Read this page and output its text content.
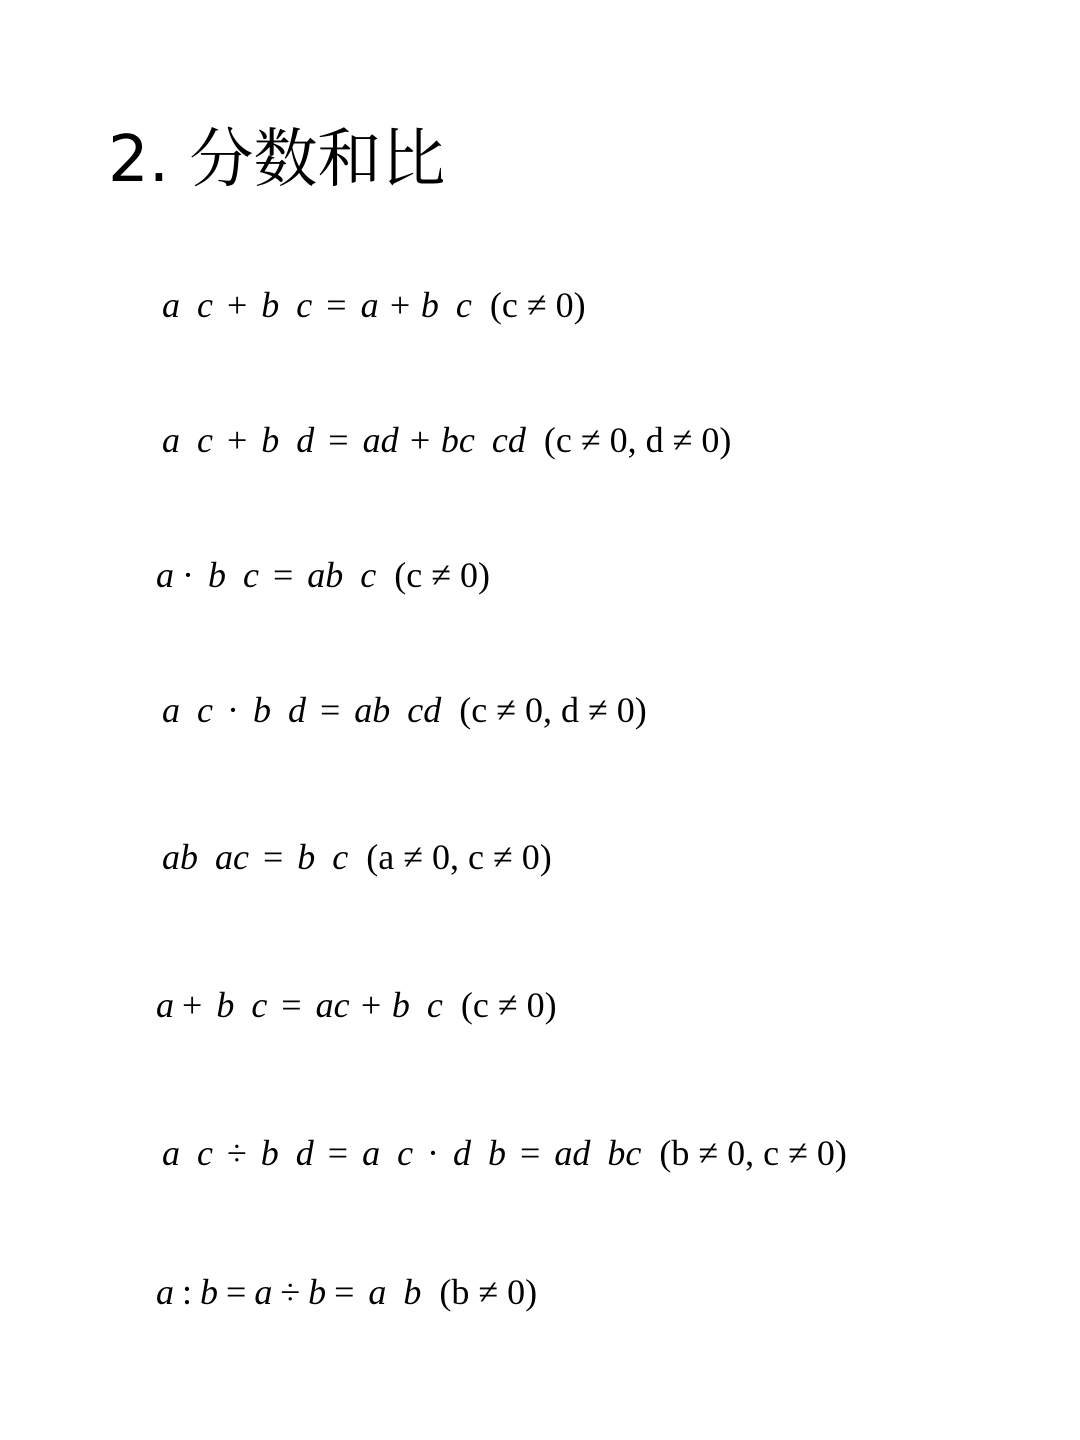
2. 分数和比
a c + b c = a + b c (c ≠ 0)
a c + b d = ad + bc cd (c ≠ 0, d ≠ 0)
a · b c = ab c (c ≠ 0)
a c · b d = ab cd (c ≠ 0, d ≠ 0)
ab ac = b c (a ≠ 0, c ≠ 0)
a + b c = ac + b c (c ≠ 0)
a c ÷ b d = a c · d b = ad bc (b ≠ 0, c ≠ 0)
a : b = a ÷ b = a b (b ≠ 0)
